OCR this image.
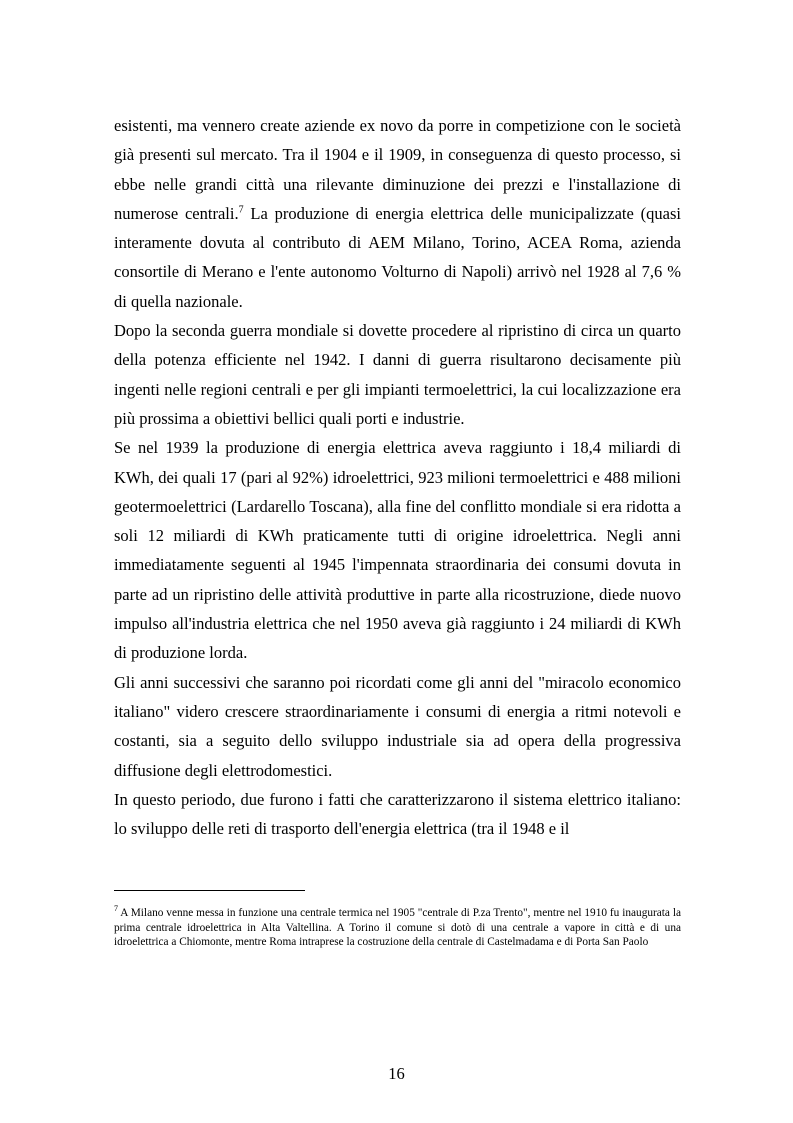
esistenti, ma vennero create aziende ex novo da porre in competizione con le società già presenti sul mercato. Tra il 1904 e il 1909, in conseguenza di questo processo, si ebbe nelle grandi città una rilevante diminuzione dei prezzi e l'installazione di numerose centrali.$^7$ La produzione di energia elettrica delle municipalizzate (quasi interamente dovuta al contributo di AEM Milano, Torino, ACEA Roma, azienda consortile di Merano e l'ente autonomo Volturno di Napoli) arrivò nel 1928 al 7,6 % di quella nazionale.

Dopo la seconda guerra mondiale si dovette procedere al ripristino di circa un quarto della potenza efficiente nel 1942. I danni di guerra risultarono decisamente più ingenti nelle regioni centrali e per gli impianti termoelettrici, la cui localizzazione era più prossima a obiettivi bellici quali porti e industrie.

Se nel 1939 la produzione di energia elettrica aveva raggiunto i 18,4 miliardi di KWh, dei quali 17 (pari al 92%) idroelettrici, 923 milioni termoelettrici e 488 milioni geotermoelettrici (Lardarello Toscana), alla fine del conflitto mondiale si era ridotta a soli 12 miliardi di KWh praticamente tutti di origine idroelettrica. Negli anni immediatamente seguenti al 1945 l'impennata straordinaria dei consumi dovuta in parte ad un ripristino delle attività produttive in parte alla ricostruzione, diede nuovo impulso all'industria elettrica che nel 1950 aveva già raggiunto i 24 miliardi di KWh di produzione lorda.

Gli anni successivi che saranno poi ricordati come gli anni del "miracolo economico italiano" videro crescere straordinariamente i consumi di energia a ritmi notevoli e costanti, sia a seguito dello sviluppo industriale sia ad opera della progressiva diffusione degli elettrodomestici.

In questo periodo, due furono i fatti che caratterizzarono il sistema elettrico italiano: lo sviluppo delle reti di trasporto dell'energia elettrica (tra il 1948 e il

$^7$ A Milano venne messa in funzione una centrale termica nel 1905 "centrale di P.za Trento", mentre nel 1910 fu inaugurata la prima centrale idroelettrica in Alta Valtellina. A Torino il comune si dotò di una centrale a vapore in città e di una idroelettrica a Chiomonte, mentre Roma intraprese la costruzione della centrale di Castelmadama e di Porta San Paolo
16
